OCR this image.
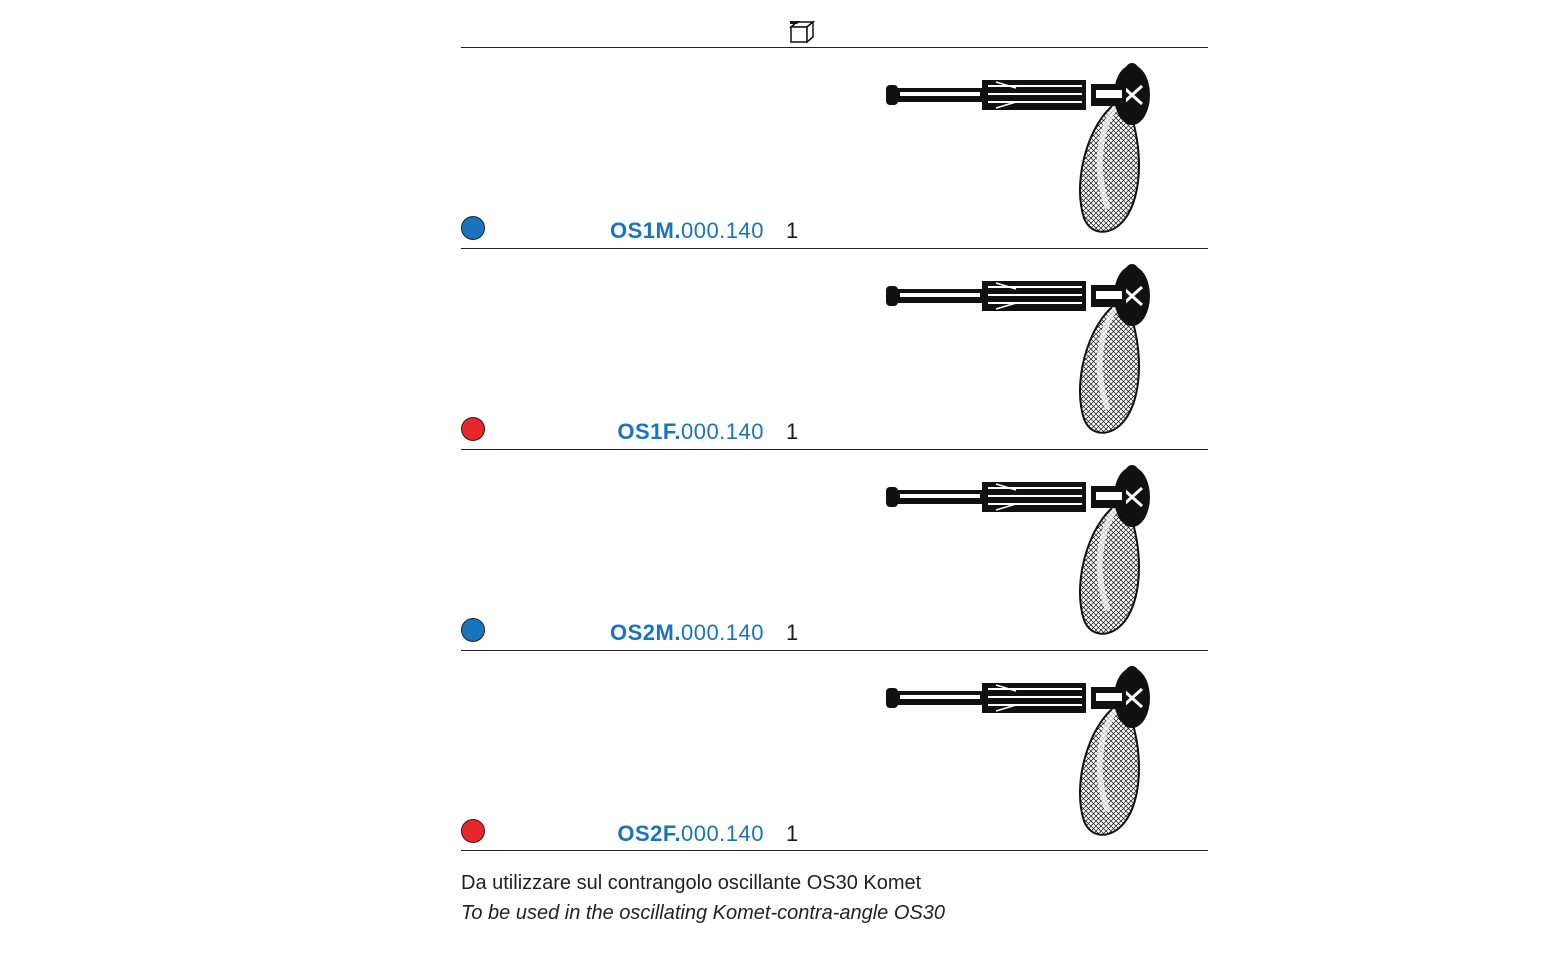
OS1M.000.140 1
OS1F.000.140 1
OS2M.000.140 1
OS2F.000.140 1
Da utilizzare sul contrangolo oscillante OS30 Komet
To be used in the oscillating Komet-contra-angle OS30
